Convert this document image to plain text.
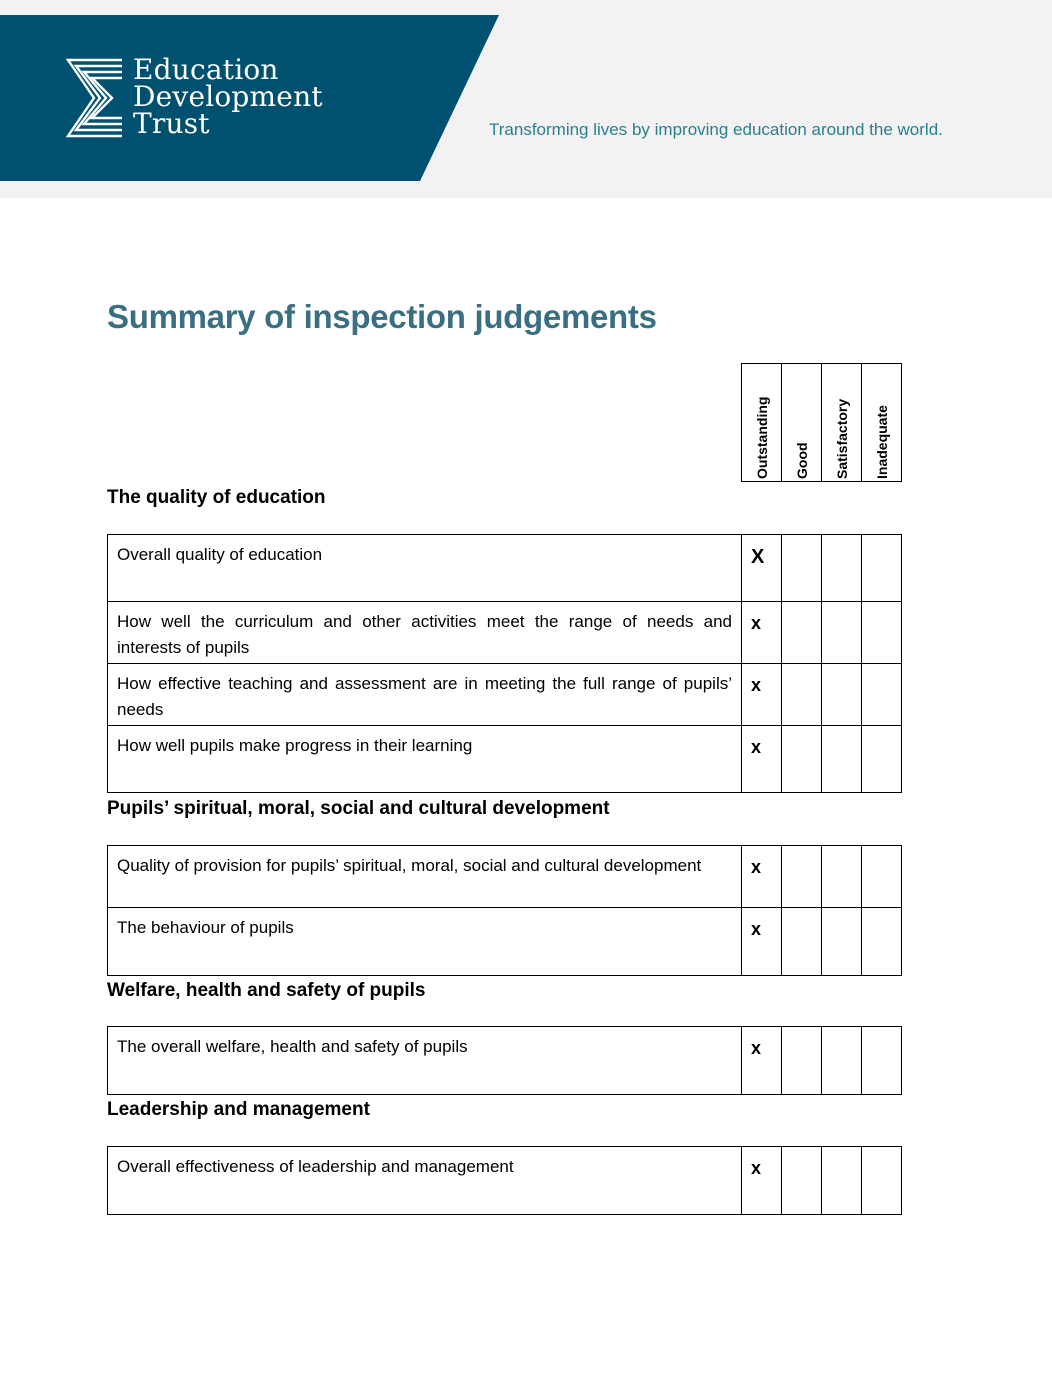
Education
Development
Trust	Transforming lives by improving education around the world.
Summary of inspection judgements
Outstanding	Good	Satisfactory	Inadequate
The quality of education
Overall quality of education	X			
How well the curriculum and other activities meet the range of needs and interests of pupils	x			
How effective teaching and assessment are in meeting the full range of pupils’ needs	x			
How well pupils make progress in their learning	x			
Pupils’ spiritual, moral, social and cultural development
Quality of provision for pupils’ spiritual, moral, social and cultural development	x			
The behaviour of pupils	x			
Welfare, health and safety of pupils
The overall welfare, health and safety of pupils	x			
Leadership and management
Overall effectiveness of leadership and management	x			
